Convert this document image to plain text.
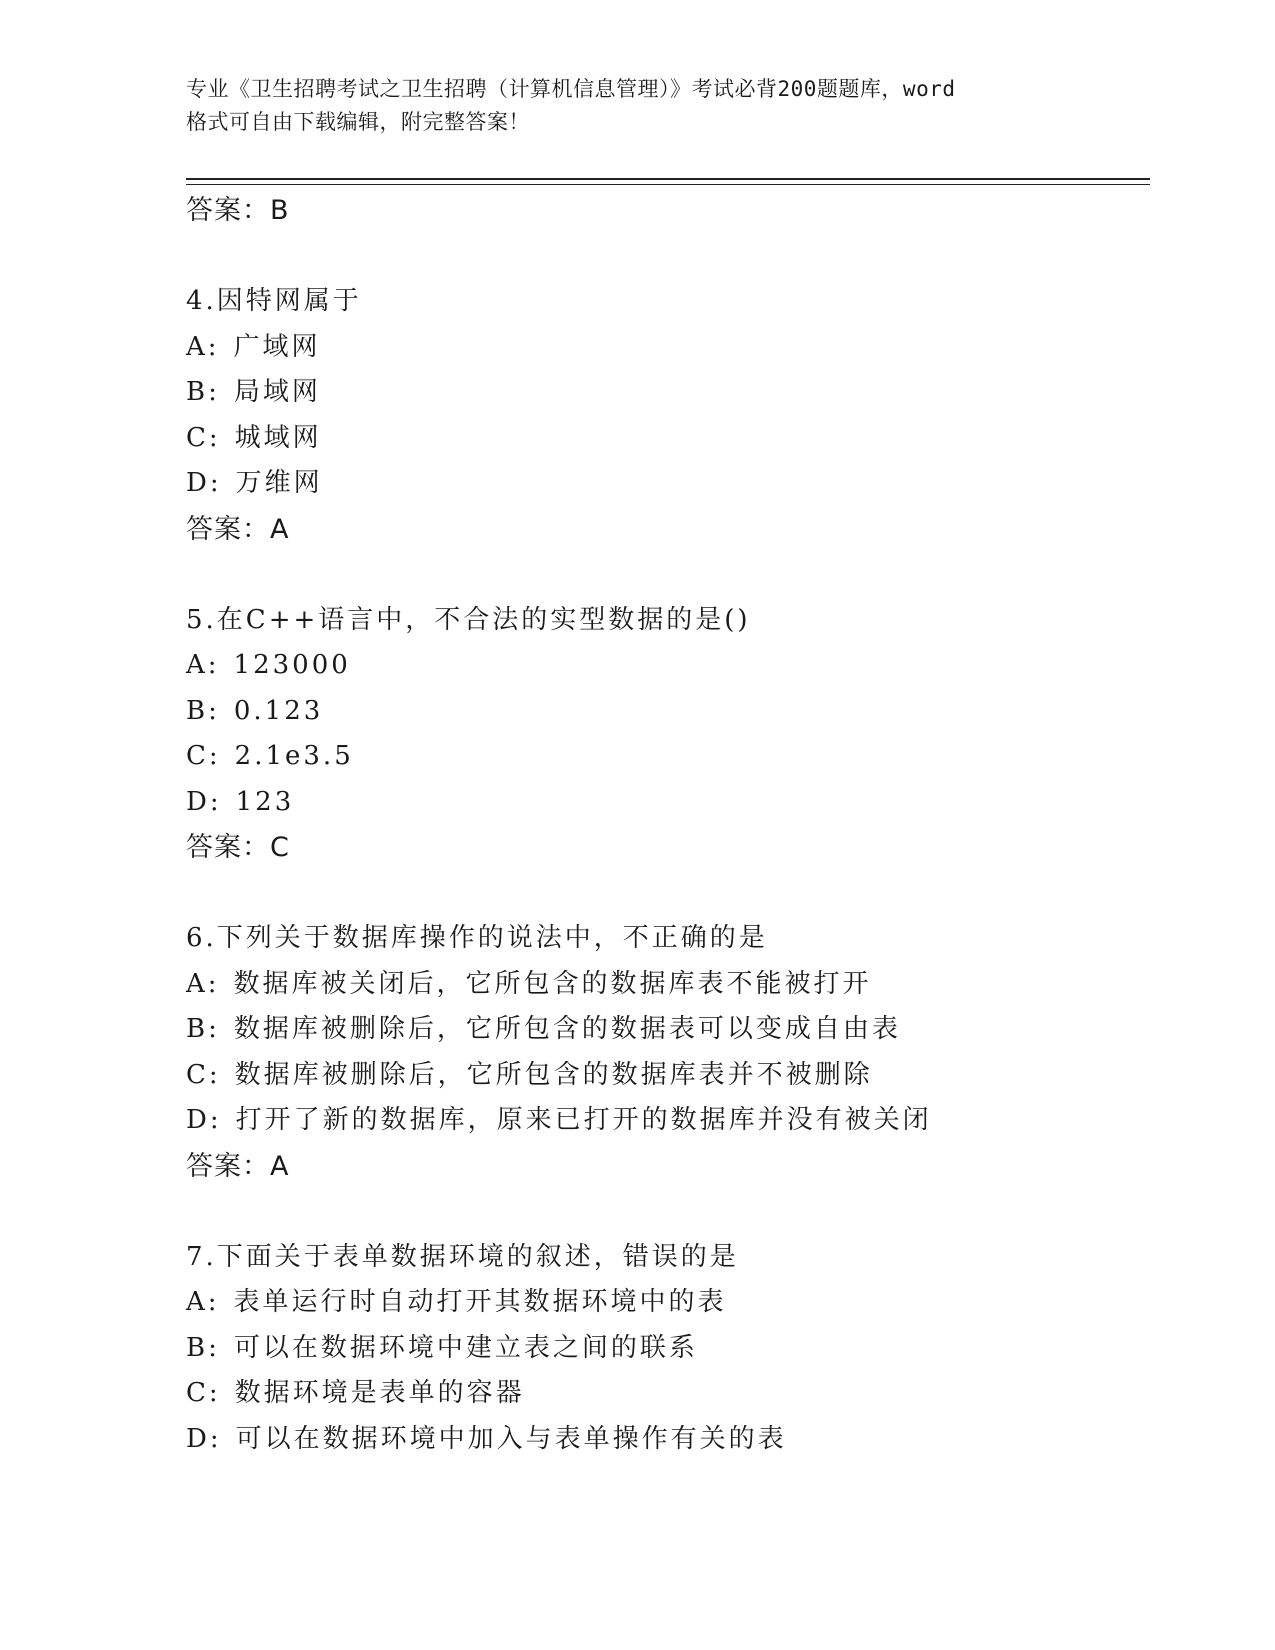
专业《卫生招聘考试之卫生招聘（计算机信息管理）》考试必背200题题库，word
格式可自由下载编辑，附完整答案！
答案：B
4.因特网属于
A: 广域网
B: 局域网
C: 城域网
D: 万维网
答案：A
5.在C++语言中，不合法的实型数据的是()
A: 123000
B: 0.123
C: 2.1e3.5
D: 123
答案：C
6.下列关于数据库操作的说法中，不正确的是
A: 数据库被关闭后，它所包含的数据库表不能被打开
B: 数据库被删除后，它所包含的数据表可以变成自由表
C: 数据库被删除后，它所包含的数据库表并不被删除
D: 打开了新的数据库，原来已打开的数据库并没有被关闭
答案：A
7.下面关于表单数据环境的叙述，错误的是
A: 表单运行时自动打开其数据环境中的表
B: 可以在数据环境中建立表之间的联系
C: 数据环境是表单的容器
D: 可以在数据环境中加入与表单操作有关的表
